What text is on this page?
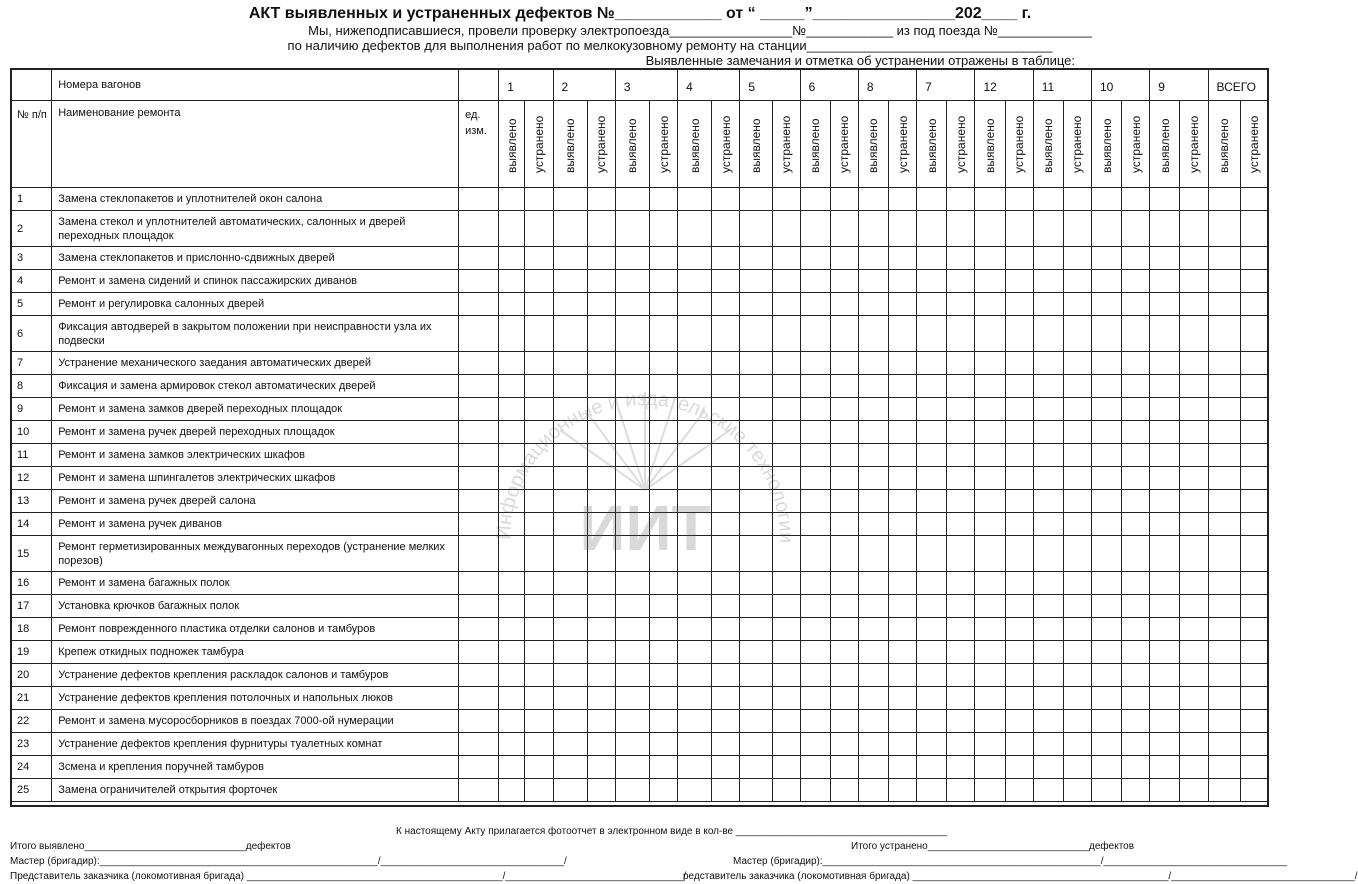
АКТ выявленных и устраненных дефектов №____________ от “ _____”________________202____ г.
Мы, нижеподписавшиеся, провели проверку электропоезда_________________№____________ из под поезда №_____________
по наличию дефектов для выполнения работ по мелкокузовному ремонту на станции__________________________________
Выявленные замечания и отметка об устранении отражены в таблице:
	Номера вагонов		1		2		3		4		5		6		8		7		12		11		10		9		ВСЕГО	
№ п/п	Наименование ремонта	ед. изм.	выявлено	устранено	выявлено	устранено	выявлено	устранено	выявлено	устранено	выявлено	устранено	выявлено	устранено	выявлено	устранено	выявлено	устранено	выявлено	устранено	выявлено	устранено	выявлено	устранено	выявлено	устранено	выявлено	устранено
1	Замена стеклопакетов и уплотнителей окон салона																											
2	Замена стекол и уплотнителей автоматических, салонных и дверей переходных площадок																											
3	Замена стеклопакетов и прислонно-сдвижных дверей																											
4	Ремонт и замена сидений и спинок пассажирских диванов																											
5	Ремонт и регулировка салонных дверей																											
6	Фиксация автодверей в закрытом положении при неисправности узла их подвески																											
7	Устранение механического заедания автоматических дверей																											
8	Фиксация и замена армировок стекол автоматических дверей																											
9	Ремонт и замена замков дверей переходных площадок																											
10	Ремонт и замена ручек дверей переходных площадок																											
11	Ремонт и замена замков электрических шкафов																											
12	Ремонт и замена шпингалетов электрических шкафов																											
13	Ремонт и замена ручек дверей салона																											
14	Ремонт и замена ручек диванов																											
15	Ремонт герметизированных междувагонных переходов (устранение мелких порезов)																											
16	Ремонт и замена багажных полок																											
17	Установка крючков багажных полок																											
18	Ремонт поврежденного пластика отделки салонов и тамбуров																											
19	Крепеж откидных подножек тамбура																											
20	Устранение дефектов крепления раскладок салонов и тамбуров																											
21	Устранение дефектов крепления потолочных и напольных люков																											
22	Ремонт и замена мусоросборников в поездах 7000-ой нумерации																											
23	Устранение дефектов крепления фурнитуры туалетных комнат																											
24	Зсмена и крепления поручней тамбуров																											
25	Замена ограничителей открытия форточек																											
Информационные и издательские технологии
ИИТ
К настоящему Акту прилагается фотоотчет в электронном виде в кол-ве ______________________________________
Итого выявлено_____________________________дефектов	Итого устранено_____________________________дефектов
Мастер (бригадир):__________________________________________________/_________________________________/	Мастер (бригадир):__________________________________________________/_________________________________
Представитель заказчика (локомотивная бригада) ______________________________________________/________________________________/
редставитель заказчика (локомотивная бригада) ______________________________________________/_________________________________/
